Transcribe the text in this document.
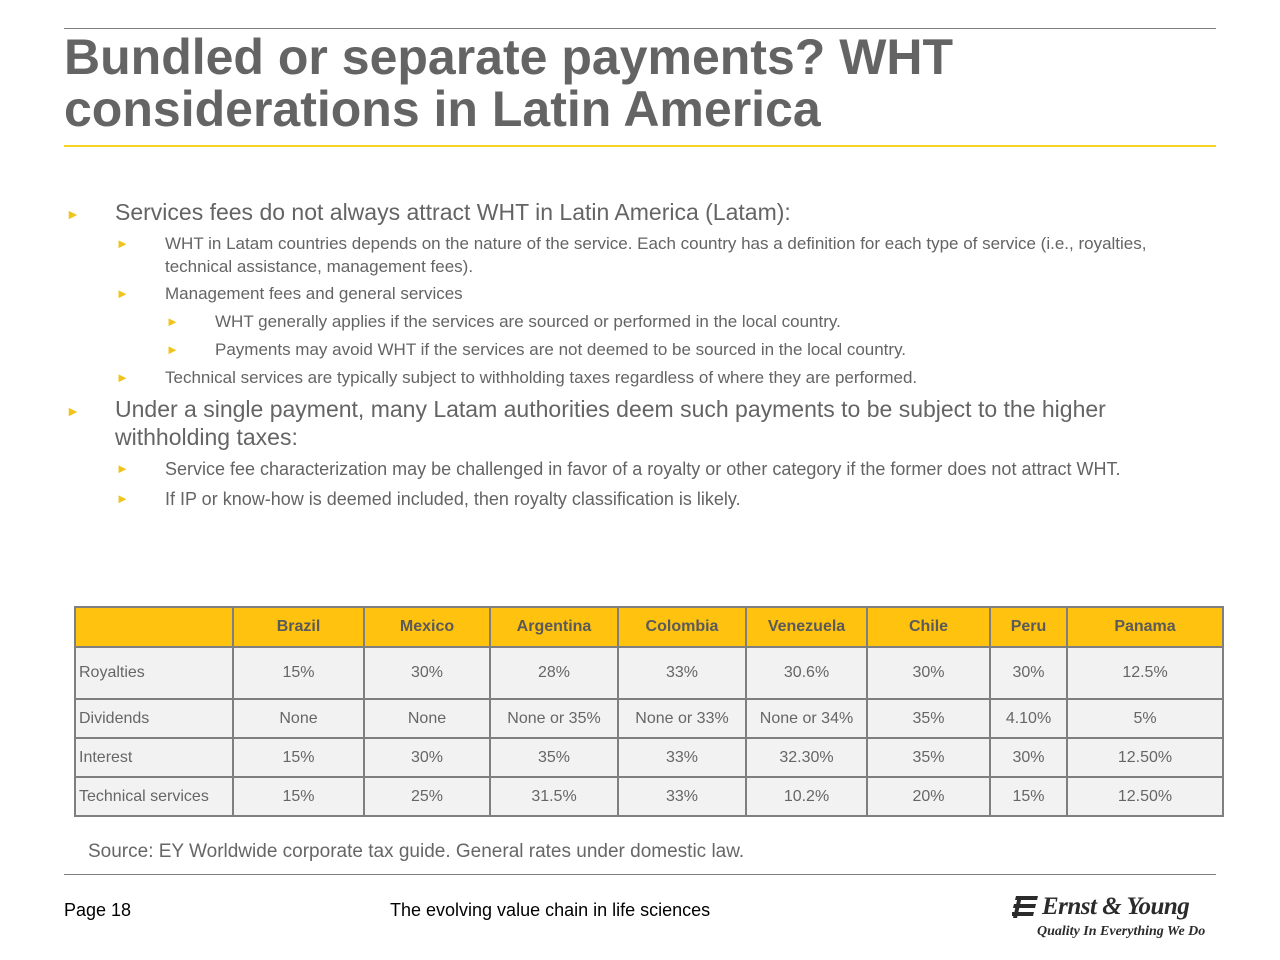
Bundled or separate payments? WHT considerations in Latin America
► Services fees do not always attract WHT in Latin America (Latam):
► WHT in Latam countries depends on the nature of the service. Each country has a definition for each type of service (i.e., royalties, technical assistance, management fees).
► Management fees and general services
► WHT generally applies if the services are sourced or performed in the local country.
► Payments may avoid WHT if the services are not deemed to be sourced in the local country.
► Technical services are typically subject to withholding taxes regardless of where they are performed.
► Under a single payment, many Latam authorities deem such payments to be subject to the higher withholding taxes:
► Service fee characterization may be challenged in favor of a royalty or other category if the former does not attract WHT.
► If IP or know-how is deemed included, then royalty classification is likely.
	Brazil	Mexico	Argentina	Colombia	Venezuela	Chile	Peru	Panama
Royalties	15%	30%	28%	33%	30.6%	30%	30%	12.5%
Dividends	None	None	None or 35%	None or 33%	None or 34%	35%	4.10%	5%
Interest	15%	30%	35%	33%	32.30%	35%	30%	12.50%
Technical services	15%	25%	31.5%	33%	10.2%	20%	15%	12.50%
Source: EY Worldwide corporate tax guide. General rates under domestic law.
Page 18	The evolving value chain in life sciences	Ernst & Young
Quality In Everything We Do
